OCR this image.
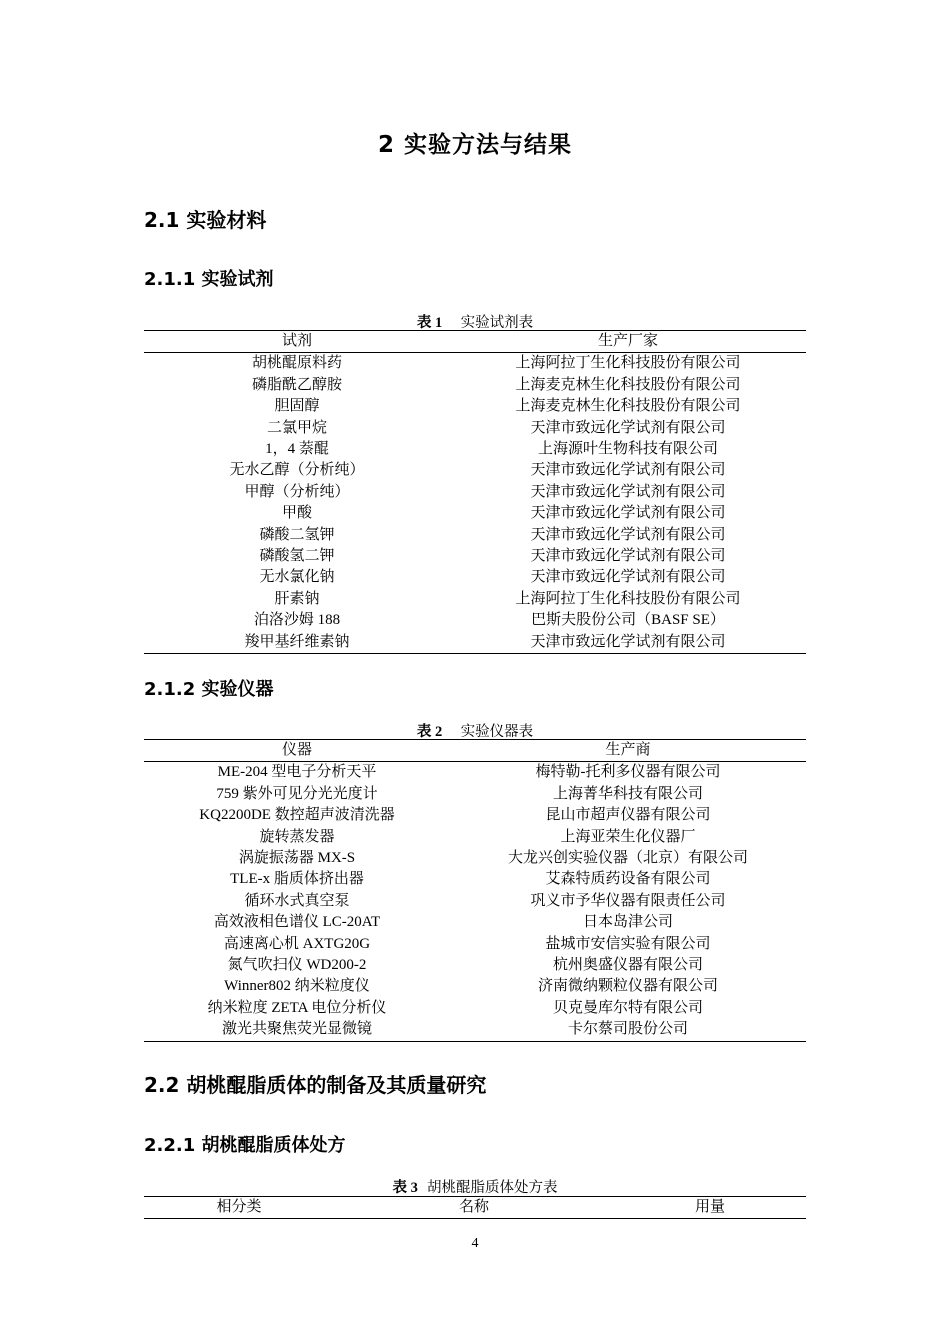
2 实验方法与结果
2.1 实验材料
2.1.1 实验试剂
表 1 实验试剂表
试剂	生产厂家
胡桃醌原料药	上海阿拉丁生化科技股份有限公司
磷脂酰乙醇胺	上海麦克林生化科技股份有限公司
胆固醇	上海麦克林生化科技股份有限公司
二氯甲烷	天津市致远化学试剂有限公司
1，4 萘醌	上海源叶生物科技有限公司
无水乙醇（分析纯）	天津市致远化学试剂有限公司
甲醇（分析纯）	天津市致远化学试剂有限公司
甲酸	天津市致远化学试剂有限公司
磷酸二氢钾	天津市致远化学试剂有限公司
磷酸氢二钾	天津市致远化学试剂有限公司
无水氯化钠	天津市致远化学试剂有限公司
肝素钠	上海阿拉丁生化科技股份有限公司
泊洛沙姆 188	巴斯夫股份公司（BASF SE）
羧甲基纤维素钠	天津市致远化学试剂有限公司
2.1.2 实验仪器
表 2 实验仪器表
仪器	生产商
ME-204 型电子分析天平	梅特勒-托利多仪器有限公司
759 紫外可见分光光度计	上海菁华科技有限公司
KQ2200DE 数控超声波清洗器	昆山市超声仪器有限公司
旋转蒸发器	上海亚荣生化仪器厂
涡旋振荡器 MX-S	大龙兴创实验仪器（北京）有限公司
TLE-x 脂质体挤出器	艾森特质药设备有限公司
循环水式真空泵	巩义市予华仪器有限责任公司
高效液相色谱仪 LC-20AT	日本岛津公司
高速离心机 AXTG20G	盐城市安信实验有限公司
氮气吹扫仪 WD200-2	杭州奥盛仪器有限公司
Winner802 纳米粒度仪	济南微纳颗粒仪器有限公司
纳米粒度 ZETA 电位分析仪	贝克曼库尔特有限公司
激光共聚焦荧光显微镜	卡尔蔡司股份公司
2.2 胡桃醌脂质体的制备及其质量研究
2.2.1 胡桃醌脂质体处方
表 3 胡桃醌脂质体处方表
相分类	名称	用量
4
